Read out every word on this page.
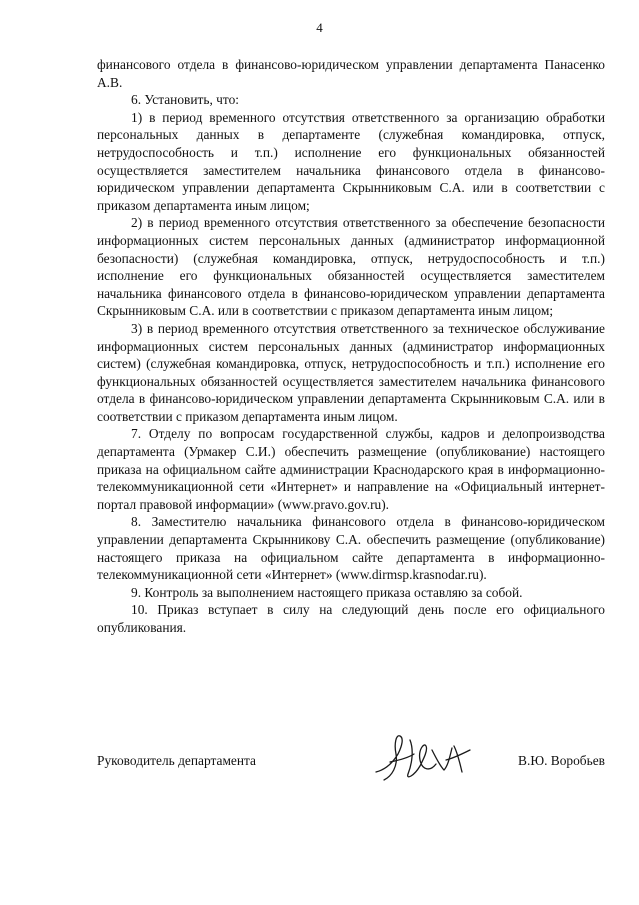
4

финансового отдела в финансово-юридическом управлении департамента Панасенко А.В.

6. Установить, что:

1) в период временного отсутствия ответственного за организацию обработки персональных данных в департаменте (служебная командировка, отпуск, нетрудоспособность и т.п.) исполнение его функциональных обязанностей осуществляется заместителем начальника финансового отдела в финансово-юридическом управлении департамента Скрынниковым С.А. или в соответствии с приказом департамента иным лицом;

2) в период временного отсутствия ответственного за обеспечение безопасности информационных систем персональных данных (администратор информационной безопасности) (служебная командировка, отпуск, нетрудоспособность и т.п.) исполнение его функциональных обязанностей осуществляется заместителем начальника финансового отдела в финансово-юридическом управлении департамента Скрынниковым С.А. или в соответствии с приказом департамента иным лицом;

3) в период временного отсутствия ответственного за техническое обслуживание информационных систем персональных данных (администратор информационных систем) (служебная командировка, отпуск, нетрудоспособность и т.п.) исполнение его функциональных обязанностей осуществляется заместителем начальника финансового отдела в финансово-юридическом управлении департамента Скрынниковым С.А. или в соответствии с приказом департамента иным лицом.

7. Отделу по вопросам государственной службы, кадров и делопроизводства департамента (Урмакер С.И.) обеспечить размещение (опубликование) настоящего приказа на официальном сайте администрации Краснодарского края в информационно-телекоммуникационной сети «Интернет» и направление на «Официальный интернет-портал правовой информации» (www.pravo.gov.ru).

8. Заместителю начальника финансового отдела в финансово-юридическом управлении департамента Скрынникову С.А. обеспечить размещение (опубликование) настоящего приказа на официальном сайте департамента в информационно-телекоммуникационной сети «Интернет» (www.dirmsp.krasnodar.ru).

9. Контроль за выполнением настоящего приказа оставляю за собой.

10. Приказ вступает в силу на следующий день после его официального опубликования.

Руководитель департамента	В.Ю. Воробьев
